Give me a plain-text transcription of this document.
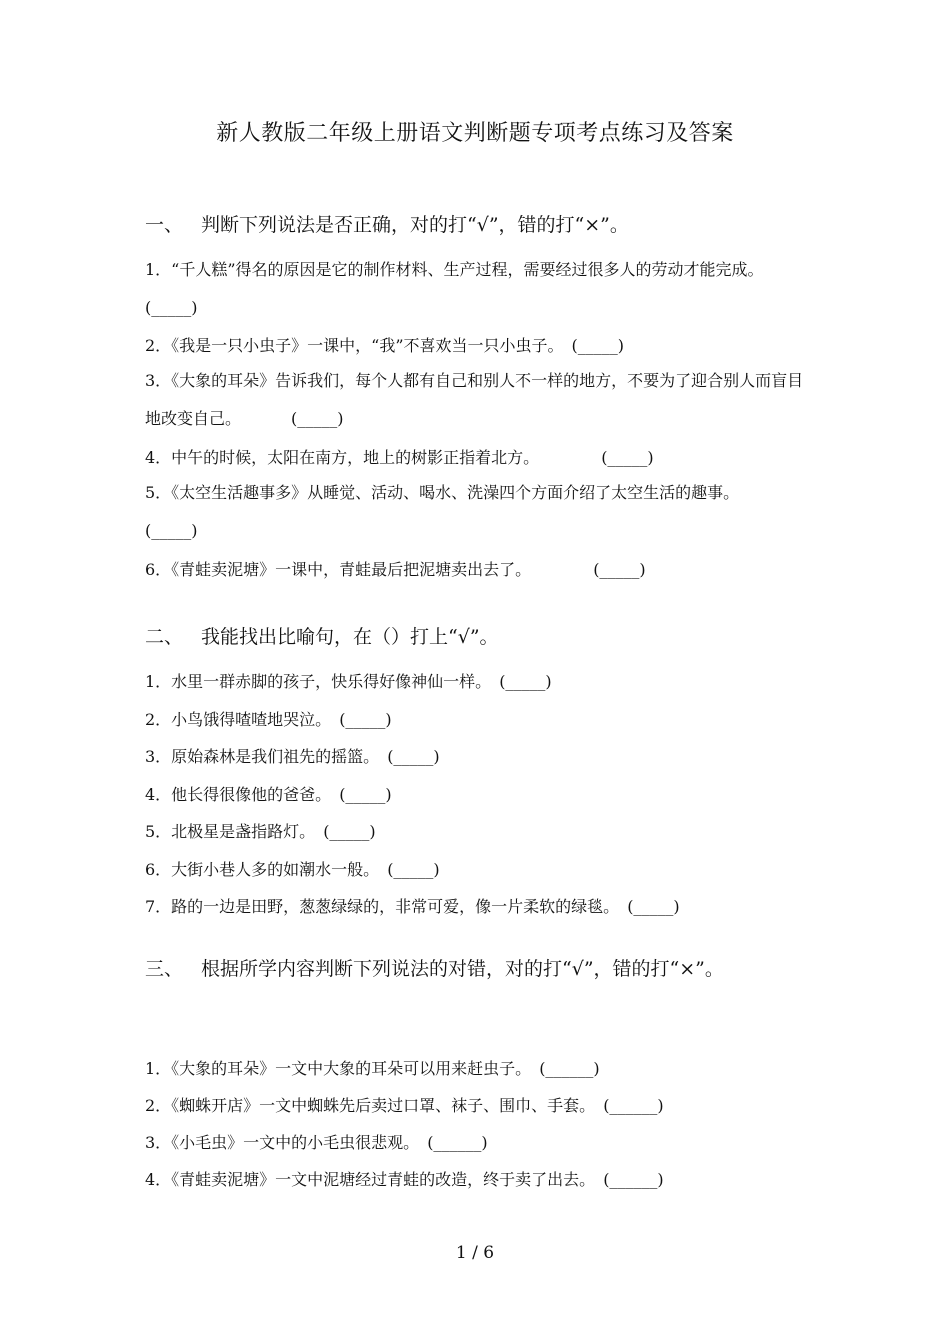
新人教版二年级上册语文判断题专项考点练习及答案
一、 判断下列说法是否正确，对的打“√”，错的打“×”。
1．“千人糕”得名的原因是它的制作材料、生产过程，需要经过很多人的劳动才能完成。(_____)
2．《我是一只小虫子》一课中，“我”不喜欢当一只小虫子。 (_____)
3．《大象的耳朵》告诉我们，每个人都有自己和别人不一样的地方，不要为了迎合别人而盲目地改变自己。	(_____)
4．中午的时候，太阳在南方，地上的树影正指着北方。	(_____)
5．《太空生活趣事多》从睡觉、活动、喝水、洗澡四个方面介绍了太空生活的趣事。(_____)
6．《青蛙卖泥塘》一课中，青蛙最后把泥塘卖出去了。	(_____)
二、 我能找出比喻句，在（）打上“√”。
1．水里一群赤脚的孩子，快乐得好像神仙一样。 (_____)
2．小鸟饿得喳喳地哭泣。 (_____)
3．原始森林是我们祖先的摇篮。 (_____)
4．他长得很像他的爸爸。 (_____)
5．北极星是盏指路灯。 (_____)
6．大街小巷人多的如潮水一般。 (_____)
7．路的一边是田野，葱葱绿绿的，非常可爱，像一片柔软的绿毯。 (_____)
三、 根据所学内容判断下列说法的对错，对的打“√”，错的打“×”。
1．《大象的耳朵》一文中大象的耳朵可以用来赶虫子。 (______)
2．《蜘蛛开店》一文中蜘蛛先后卖过口罩、袜子、围巾、手套。 (______)
3．《小毛虫》一文中的小毛虫很悲观。 (______)
4．《青蛙卖泥塘》一文中泥塘经过青蛙的改造，终于卖了出去。 (______)
1 / 6
